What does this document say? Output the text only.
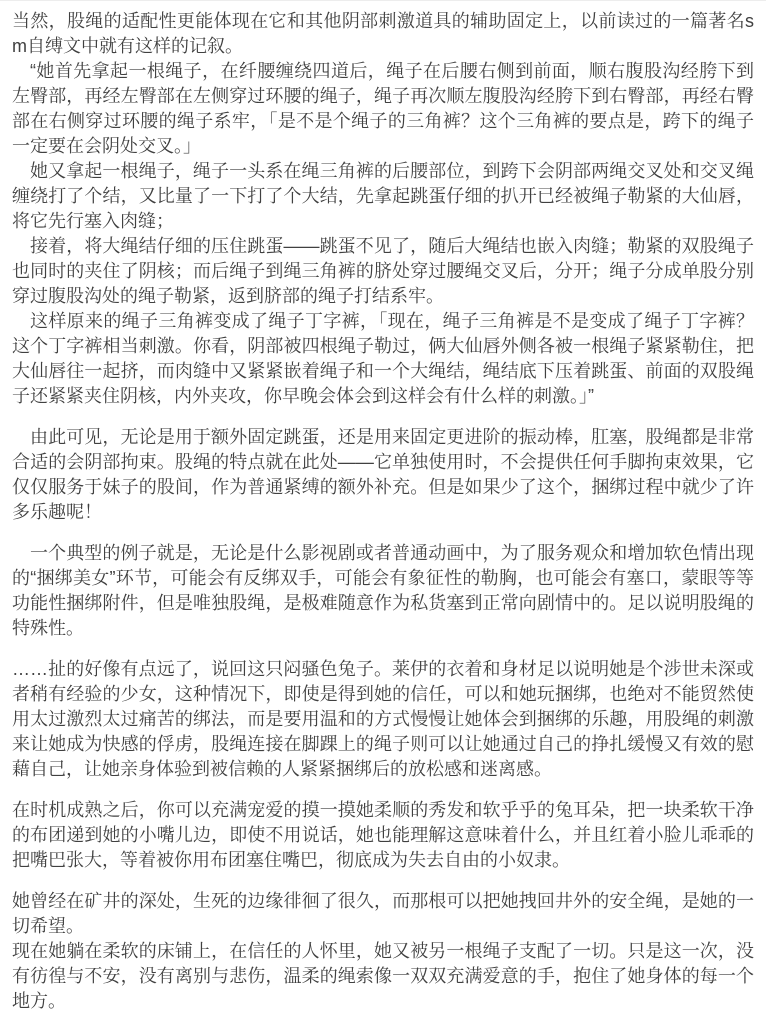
当然，股绳的适配性更能体现在它和其他阴部刺激道具的辅助固定上，以前读过的一篇著名sm自缚文中就有这样的记叙。

“她首先拿起一根绳子，在纤腰缠绕四道后，绳子在后腰右侧到前面，顺右腹股沟经胯下到左臀部，再经左臀部在左侧穿过环腰的绳子，绳子再次顺左腹股沟经胯下到右臀部，再经右臀部在右侧穿过环腰的绳子系牢，「是不是个绳子的三角裤？这个三角裤的要点是，跨下的绳子一定要在会阴处交叉。」

她又拿起一根绳子，绳子一头系在绳三角裤的后腰部位，到跨下会阴部两绳交叉处和交叉绳缠绕打了个结，又比量了一下打了个大结，先拿起跳蛋仔细的扒开已经被绳子勒紧的大仙唇，将它先行塞入肉缝；

接着，将大绳结仔细的压住跳蛋——跳蛋不见了，随后大绳结也嵌入肉缝；勒紧的双股绳子也同时的夹住了阴核；而后绳子到绳三角裤的脐处穿过腰绳交叉后，分开；绳子分成单股分别穿过腹股沟处的绳子勒紧，返到脐部的绳子打结系牢。

这样原来的绳子三角裤变成了绳子丁字裤，「现在，绳子三角裤是不是变成了绳子丁字裤？这个丁字裤相当刺激。你看，阴部被四根绳子勒过，俩大仙唇外侧各被一根绳子紧紧勒住，把大仙唇往一起挤，而肉缝中又紧紧嵌着绳子和一个大绳结，绳结底下压着跳蛋、前面的双股绳子还紧紧夹住阴核，内外夹攻，你早晚会体会到这样会有什么样的刺激。」”

由此可见，无论是用于额外固定跳蛋，还是用来固定更进阶的振动棒，肛塞，股绳都是非常合适的会阴部拘束。股绳的特点就在此处——它单独使用时，不会提供任何手脚拘束效果，它仅仅服务于妹子的股间，作为普通紧缚的额外补充。但是如果少了这个，捆绑过程中就少了许多乐趣呢！

一个典型的例子就是，无论是什么影视剧或者普通动画中，为了服务观众和增加软色情出现的“捆绑美女”环节，可能会有反绑双手，可能会有象征性的勒胸，也可能会有塞口，蒙眼等等功能性捆绑附件，但是唯独股绳，是极难随意作为私货塞到正常向剧情中的。足以说明股绳的特殊性。

……扯的好像有点远了，说回这只闷骚色兔子。莱伊的衣着和身材足以说明她是个涉世未深或者稍有经验的少女，这种情况下，即使是得到她的信任，可以和她玩捆绑，也绝对不能贸然使用太过激烈太过痛苦的绑法，而是要用温和的方式慢慢让她体会到捆绑的乐趣，用股绳的刺激来让她成为快感的俘虏，股绳连接在脚踝上的绳子则可以让她通过自己的挣扎缓慢又有效的慰藉自己，让她亲身体验到被信赖的人紧紧捆绑后的放松感和迷离感。

在时机成熟之后，你可以充满宠爱的摸一摸她柔顺的秀发和软乎乎的兔耳朵，把一块柔软干净的布团递到她的小嘴儿边，即使不用说话，她也能理解这意味着什么，并且红着小脸儿乖乖的把嘴巴张大，等着被你用布团塞住嘴巴，彻底成为失去自由的小奴隶。

她曾经在矿井的深处，生死的边缘徘徊了很久，而那根可以把她拽回井外的安全绳，是她的一切希望。

现在她躺在柔软的床铺上，在信任的人怀里，她又被另一根绳子支配了一切。只是这一次，没有彷徨与不安，没有离别与悲伤，温柔的绳索像一双双充满爱意的手，抱住了她身体的每一个地方。
